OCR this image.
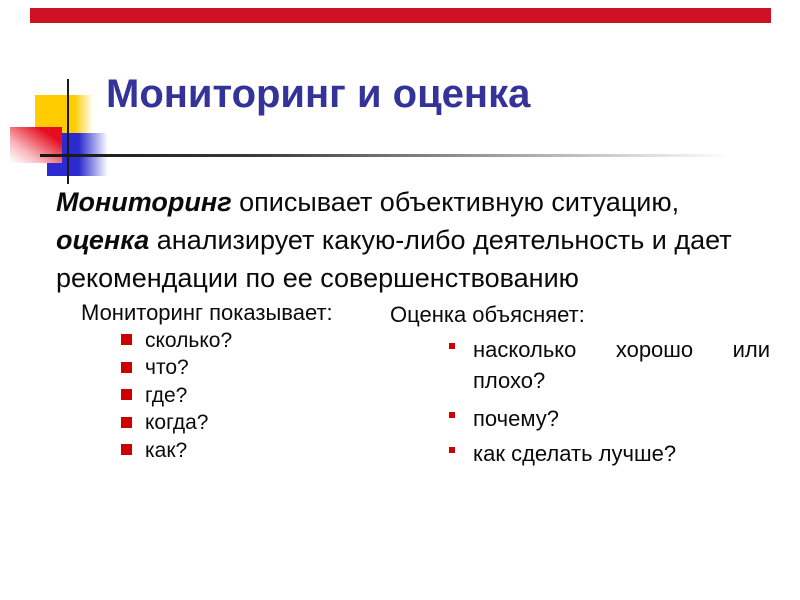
Мониторинг и оценка

Мониторинг описывает объективную ситуацию,
оценка анализирует какую-либо деятельность и дает
рекомендации по ее совершенствованию

Мониторинг показывает:

сколько?
что?
где?
когда?
как?

Оценка объясняет:

насколько хорошо или
плохо?
почему?
как сделать лучше?
